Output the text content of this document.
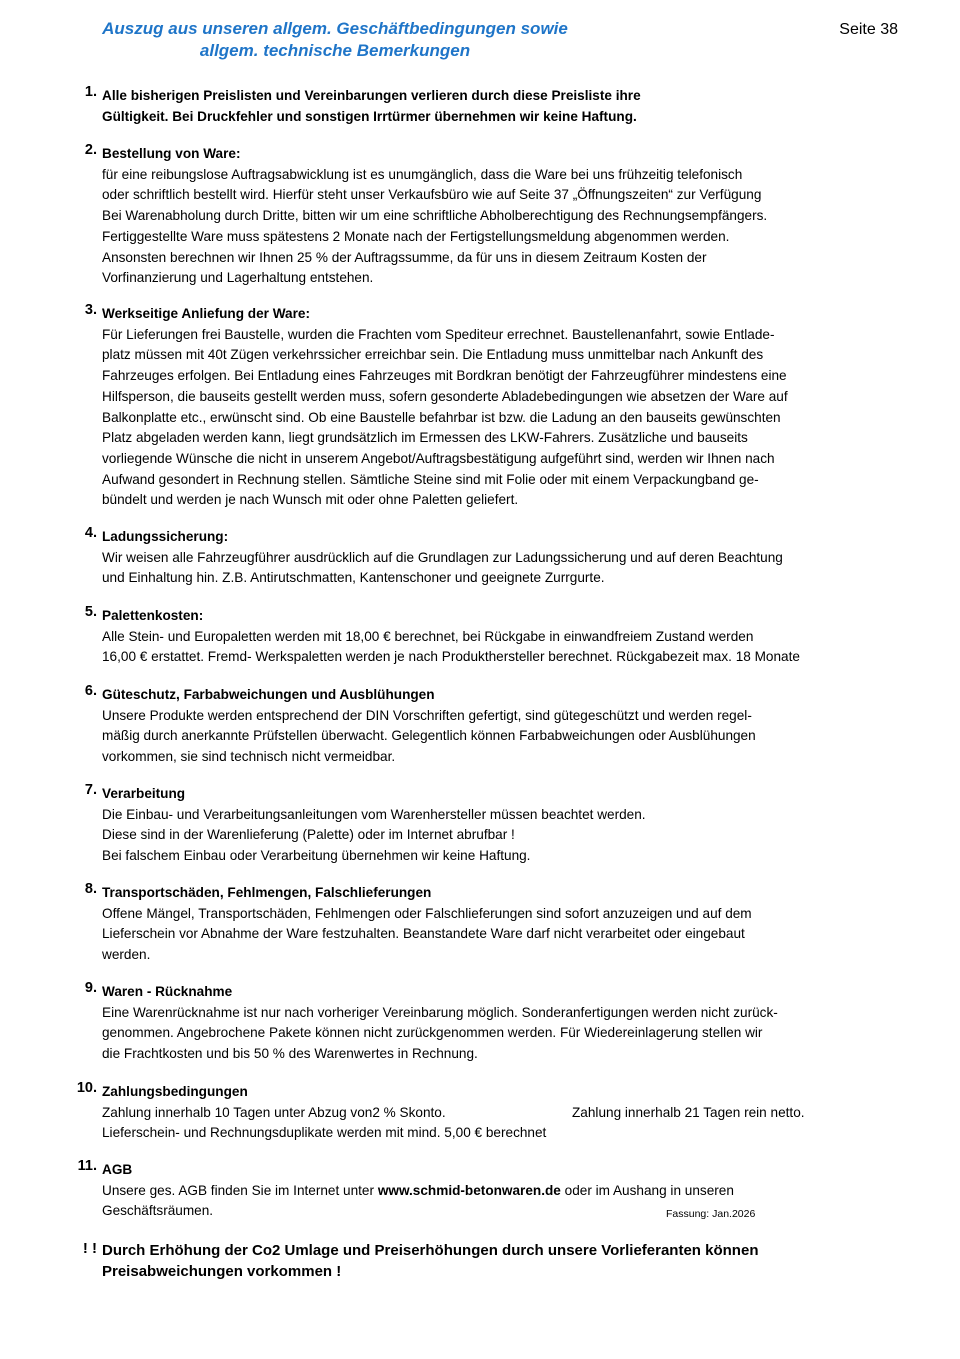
Auszug aus unseren allgem. Geschäftbedingungen sowie
allgem. technische Bemerkungen
Seite 38
1. Alle bisherigen Preislisten und Vereinbarungen verlieren durch diese Preisliste ihre
Gültigkeit. Bei Druckfehler und sonstigen Irrtürmer übernehmen wir keine Haftung.
2. Bestellung von Ware:
für eine reibungslose Auftragsabwicklung ist es unumgänglich, dass die Ware bei uns frühzeitig telefonisch
oder schriftlich bestellt wird. Hierfür steht unser Verkaufsbüro wie auf Seite 37 „Öffnungszeiten“ zur Verfügung
Bei Warenabholung durch Dritte, bitten wir um eine schriftliche Abholberechtigung des Rechnungsempfängers.
Fertiggestellte Ware muss spätestens 2 Monate nach der Fertigstellungsmeldung abgenommen werden.
Ansonsten berechnen wir Ihnen 25 % der Auftragssumme, da für uns in diesem Zeitraum Kosten der
Vorfinanzierung und Lagerhaltung entstehen.
3. Werkseitige Anliefung der Ware:
Für Lieferungen frei Baustelle, wurden die Frachten vom Spediteur errechnet. Baustellenanfahrt, sowie Entlade-
platz müssen mit 40t Zügen verkehrssicher erreichbar sein. Die Entladung muss unmittelbar nach Ankunft des
Fahrzeuges erfolgen. Bei Entladung eines Fahrzeuges mit Bordkran benötigt der Fahrzeugführer mindestens eine
Hilfsperson, die bauseits gestellt werden muss, sofern gesonderte Abladebedingungen wie absetzen der Ware auf
Balkonplatte etc., erwünscht sind. Ob eine Baustelle befahrbar ist bzw. die Ladung an den bauseits gewünschten
Platz abgeladen werden kann, liegt grundsätzlich im Ermessen des LKW-Fahrers. Zusätzliche und bauseits
vorliegende Wünsche die nicht in unserem Angebot/Auftragsbestätigung aufgeführt sind, werden wir Ihnen nach
Aufwand gesondert in Rechnung stellen. Sämtliche Steine sind mit Folie oder mit einem Verpackungband ge-
bündelt und werden je nach Wunsch mit oder ohne Paletten geliefert.
4. Ladungssicherung:
Wir weisen alle Fahrzeugführer ausdrücklich auf die Grundlagen zur Ladungssicherung und auf deren Beachtung
und Einhaltung hin. Z.B. Antirutschmatten, Kantenschoner und geeignete Zurrgurte.
5. Palettenkosten:
Alle Stein- und Europaletten werden mit 18,00 € berechnet, bei Rückgabe in einwandfreiem Zustand werden
16,00 € erstattet. Fremd- Werkspaletten werden je nach Produkthersteller berechnet. Rückgabezeit max. 18 Monate
6. Güteschutz, Farbabweichungen und Ausblühungen
Unsere Produkte werden entsprechend der DIN Vorschriften gefertigt, sind gütegeschützt und werden regel-
mäßig durch anerkannte Prüfstellen überwacht. Gelegentlich können Farbabweichungen oder Ausblühungen
vorkommen, sie sind technisch nicht vermeidbar.
7. Verarbeitung
Die Einbau- und Verarbeitungsanleitungen vom Warenhersteller müssen beachtet werden.
Diese sind in der Warenlieferung (Palette) oder im Internet abrufbar !
Bei falschem Einbau oder Verarbeitung übernehmen wir keine Haftung.
8. Transportschäden, Fehlmengen, Falschlieferungen
Offene Mängel, Transportschäden, Fehlmengen oder Falschlieferungen sind sofort anzuzeigen und auf dem
Lieferschein vor Abnahme der Ware festzuhalten. Beanstandete Ware darf nicht verarbeitet oder eingebaut
werden.
9. Waren - Rücknahme
Eine Warenrücknahme ist nur nach vorheriger Vereinbarung möglich. Sonderanfertigungen werden nicht zurück-
genommen. Angebrochene Pakete können nicht zurückgenommen werden. Für Wiedereinlagerung stellen wir
die Frachtkosten und bis 50 % des Warenwertes in Rechnung.
10. Zahlungsbedingungen
Zahlung innerhalb 10 Tagen unter Abzug von2 % Skonto.	Zahlung innerhalb 21 Tagen rein netto.
Lieferschein- und Rechnungsduplikate werden mit mind. 5,00 € berechnet
11. AGB
Unsere ges. AGB finden Sie im Internet unter www.schmid-betonwaren.de oder im Aushang in unseren
Geschäftsräumen.	Fassung: Jan.2026
! ! Durch Erhöhung der Co2 Umlage und Preiserhöhungen durch unsere Vorlieferanten können
Preisabweichungen vorkommen !
